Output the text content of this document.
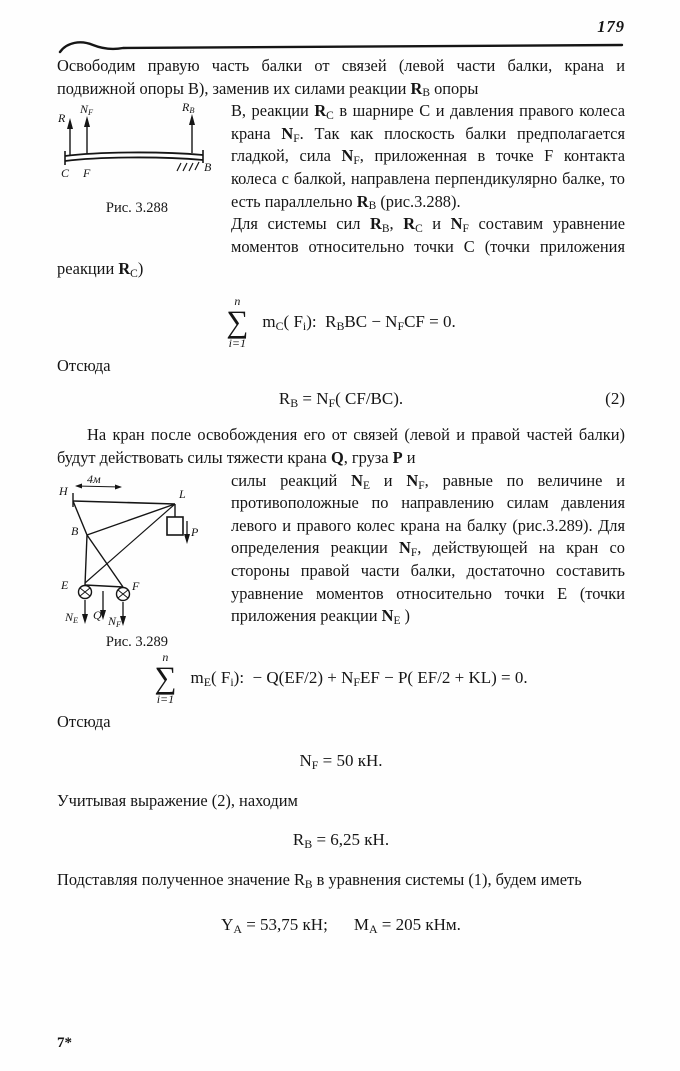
179

Освободим правую часть балки от связей (левой части балки, крана и подвижной опоры В), заменив их силами реакции $R_B$ опоры

R
$N_F$	$R_B$
C F	B
Рис. 3.288

В, реакции $R_C$ в шарнире С и давления правого колеса крана $N_F$. Так как плоскость балки предполагается гладкой, сила $N_F$, приложенная в точке F контакта колеса с балкой, направлена перпендикулярно балке, то есть параллельно $R_B$ (рис.3.288).

Для системы сил $R_B$, $R_C$ и $N_F$ составим уравнение моментов относительно точки С (точки приложения реакции $R_C$)

n
∑
i=1
$m_C$( $F_i$):  $R_BBC - N_FCF = 0$.

Отсюда

$R_B = N_F$( CF/BC).	(2)

На кран после освобождения его от связей (левой и правой частей балки) будут действовать силы тяжести крана Q, груза Р и

H
4м
L
B
E	F
$N_E$ Q $N_F$
P
Рис. 3.289

силы реакций $N_E$ и $N_F$, равные по величине и противоположные по направлению силам давления левого и правого колес крана на балку (рис.3.289). Для определения реакции $N_F$, действующей на кран со стороны правой части балки, достаточно составить уравнение моментов относительно точки Е (точки приложения реакции $N_E$ )

n
∑
i=1
$m_E$( $F_i$):  − $Q(EF/2) + N_FEF - P$( EF/2 + KL) = 0.

Отсюда

$N_F = 50$ кН.

Учитывая выражение (2), находим

$R_B = 6,25$ кН.

Подставляя полученное значение $R_B$ в уравнения системы (1), будем иметь

$Y_A = 53,75$ кН; $M_A = 205$ кНм.
7*
